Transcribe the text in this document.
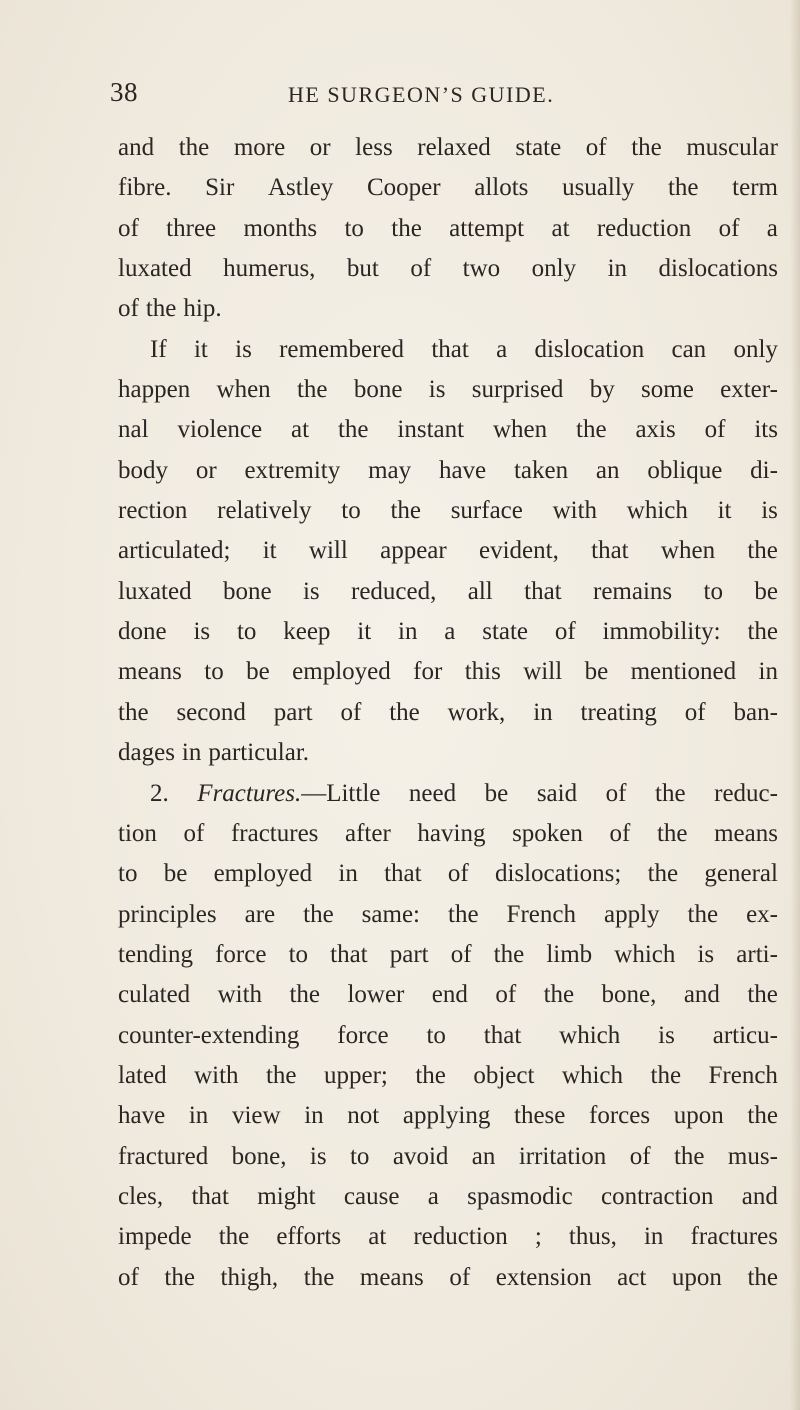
38	HE SURGEON’S GUIDE.
and the more or less relaxed state of the muscular
fibre. Sir Astley Cooper allots usually the term
of three months to the attempt at reduction of a
luxated humerus, but of two only in dislocations
of the hip.
If it is remembered that a dislocation can only
happen when the bone is surprised by some exter-
nal violence at the instant when the axis of its
body or extremity may have taken an oblique di-
rection relatively to the surface with which it is
articulated; it will appear evident, that when the
luxated bone is reduced, all that remains to be
done is to keep it in a state of immobility: the
means to be employed for this will be mentioned in
the second part of the work, in treating of ban-
dages in particular.
2. Fractures.—Little need be said of the reduc-
tion of fractures after having spoken of the means
to be employed in that of dislocations; the general
principles are the same: the French apply the ex-
tending force to that part of the limb which is arti-
culated with the lower end of the bone, and the
counter-extending force to that which is articu-
lated with the upper; the object which the French
have in view in not applying these forces upon the
fractured bone, is to avoid an irritation of the mus-
cles, that might cause a spasmodic contraction and
impede the efforts at reduction ; thus, in fractures
of the thigh, the means of extension act upon the
